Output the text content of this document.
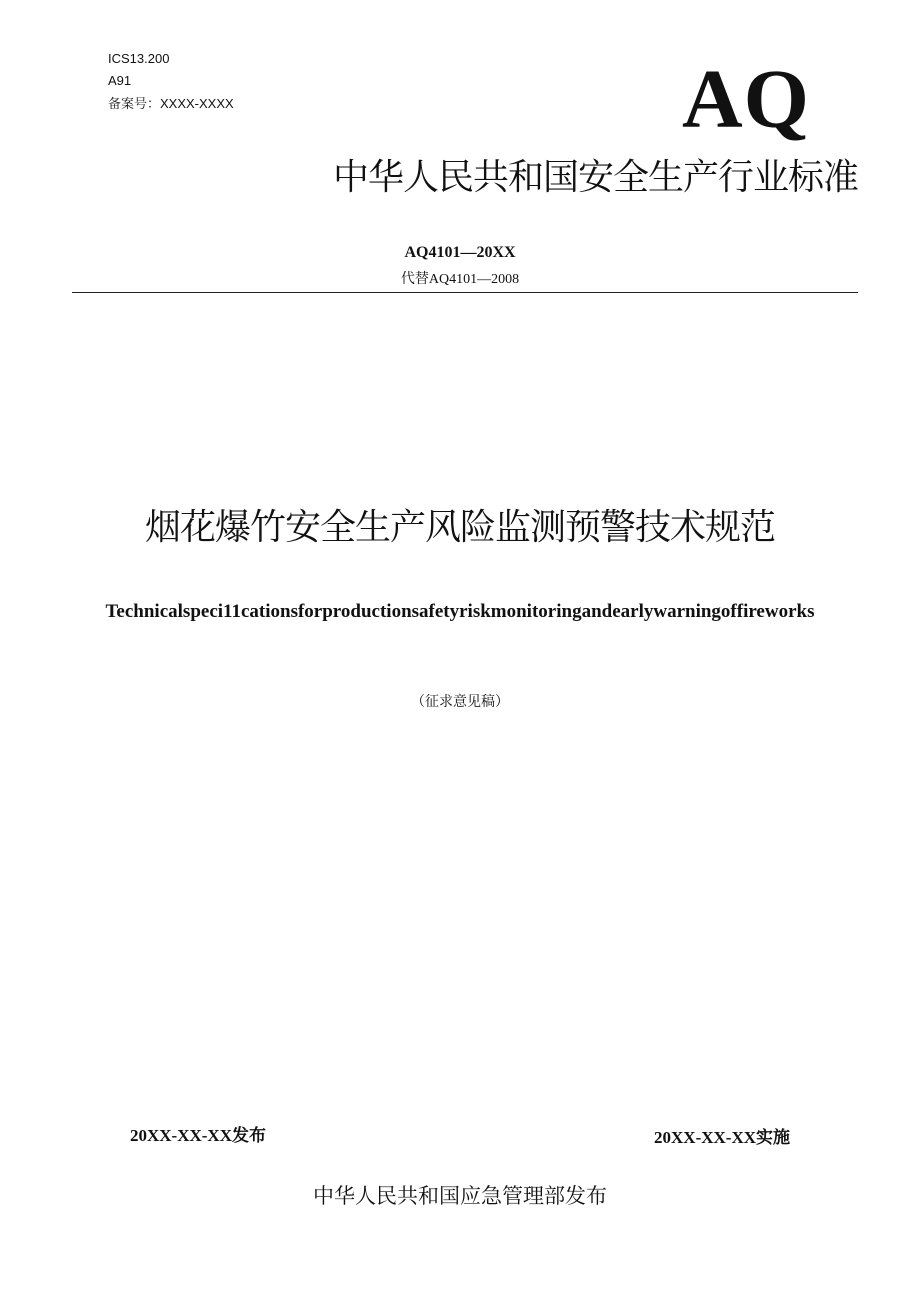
ICS13.200
A91
备案号：XXXX-XXXX	AQ
中华人民共和国安全生产行业标准
AQ4101—20XX
代替AQ4101—2008
烟花爆竹安全生产风险监测预警技术规范
Technicalspeci11cationsforproductionsafetyriskmonitoringandearlywarningoffireworks
（征求意见稿）
20XX-XX-XX发布	20XX-XX-XX实施
中华人民共和国应急管理部发布
